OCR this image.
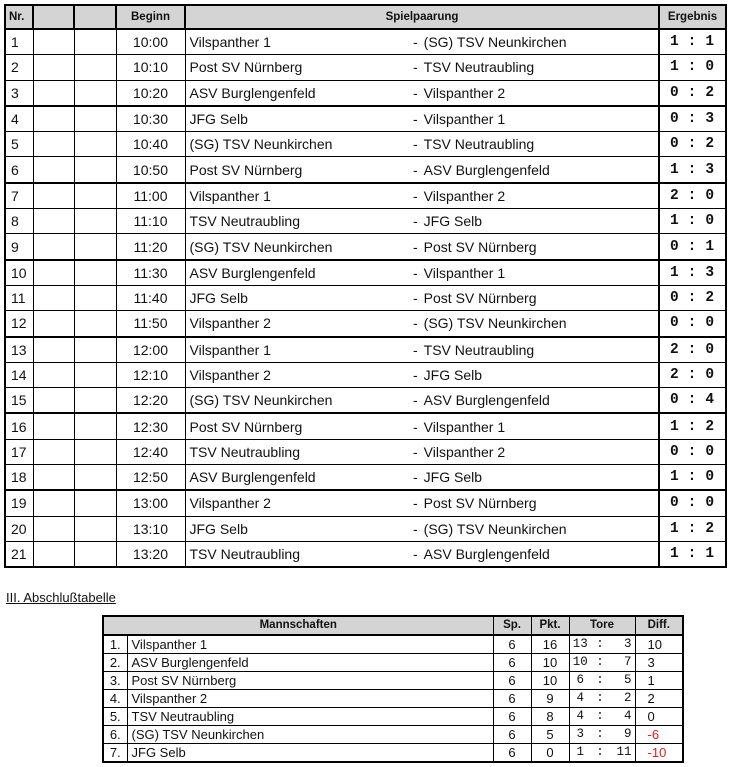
Nr.			Beginn	Spielpaarung		Ergebnis
1			10:00	Vilspanther 1	- (SG) TSV Neunkirchen	1 : 1
2			10:10	Post SV Nürnberg	- TSV Neutraubling	1 : 0
3			10:20	ASV Burglengenfeld	- Vilspanther 2	0 : 2
4			10:30	JFG Selb	- Vilspanther 1	0 : 3
5			10:40	(SG) TSV Neunkirchen	- TSV Neutraubling	0 : 2
6			10:50	Post SV Nürnberg	- ASV Burglengenfeld	1 : 3
7			11:00	Vilspanther 1	- Vilspanther 2	2 : 0
8			11:10	TSV Neutraubling	- JFG Selb	1 : 0
9			11:20	(SG) TSV Neunkirchen	- Post SV Nürnberg	0 : 1
10			11:30	ASV Burglengenfeld	- Vilspanther 1	1 : 3
11			11:40	JFG Selb	- Post SV Nürnberg	0 : 2
12			11:50	Vilspanther 2	- (SG) TSV Neunkirchen	0 : 0
13			12:00	Vilspanther 1	- TSV Neutraubling	2 : 0
14			12:10	Vilspanther 2	- JFG Selb	2 : 0
15			12:20	(SG) TSV Neunkirchen	- ASV Burglengenfeld	0 : 4
16			12:30	Post SV Nürnberg	- Vilspanther 1	1 : 2
17			12:40	TSV Neutraubling	- Vilspanther 2	0 : 0
18			12:50	ASV Burglengenfeld	- JFG Selb	1 : 0
19			13:00	Vilspanther 2	- Post SV Nürnberg	0 : 0
20			13:10	JFG Selb	- (SG) TSV Neunkirchen	1 : 2
21			13:20	TSV Neutraubling	- ASV Burglengenfeld	1 : 1
III. Abschlußtabelle
Mannschaften		Sp.	Pkt.	Tore			Diff.
1.	Vilspanther 1	6	16	13	:	3	10
2.	ASV Burglengenfeld	6	10	10	:	7	3
3.	Post SV Nürnberg	6	10	6	:	5	1
4.	Vilspanther 2	6	9	4	:	2	2
5.	TSV Neutraubling	6	8	4	:	4	0
6.	(SG) TSV Neunkirchen	6	5	3	:	9	-6
7.	JFG Selb	6	0	1	:	11	-10
